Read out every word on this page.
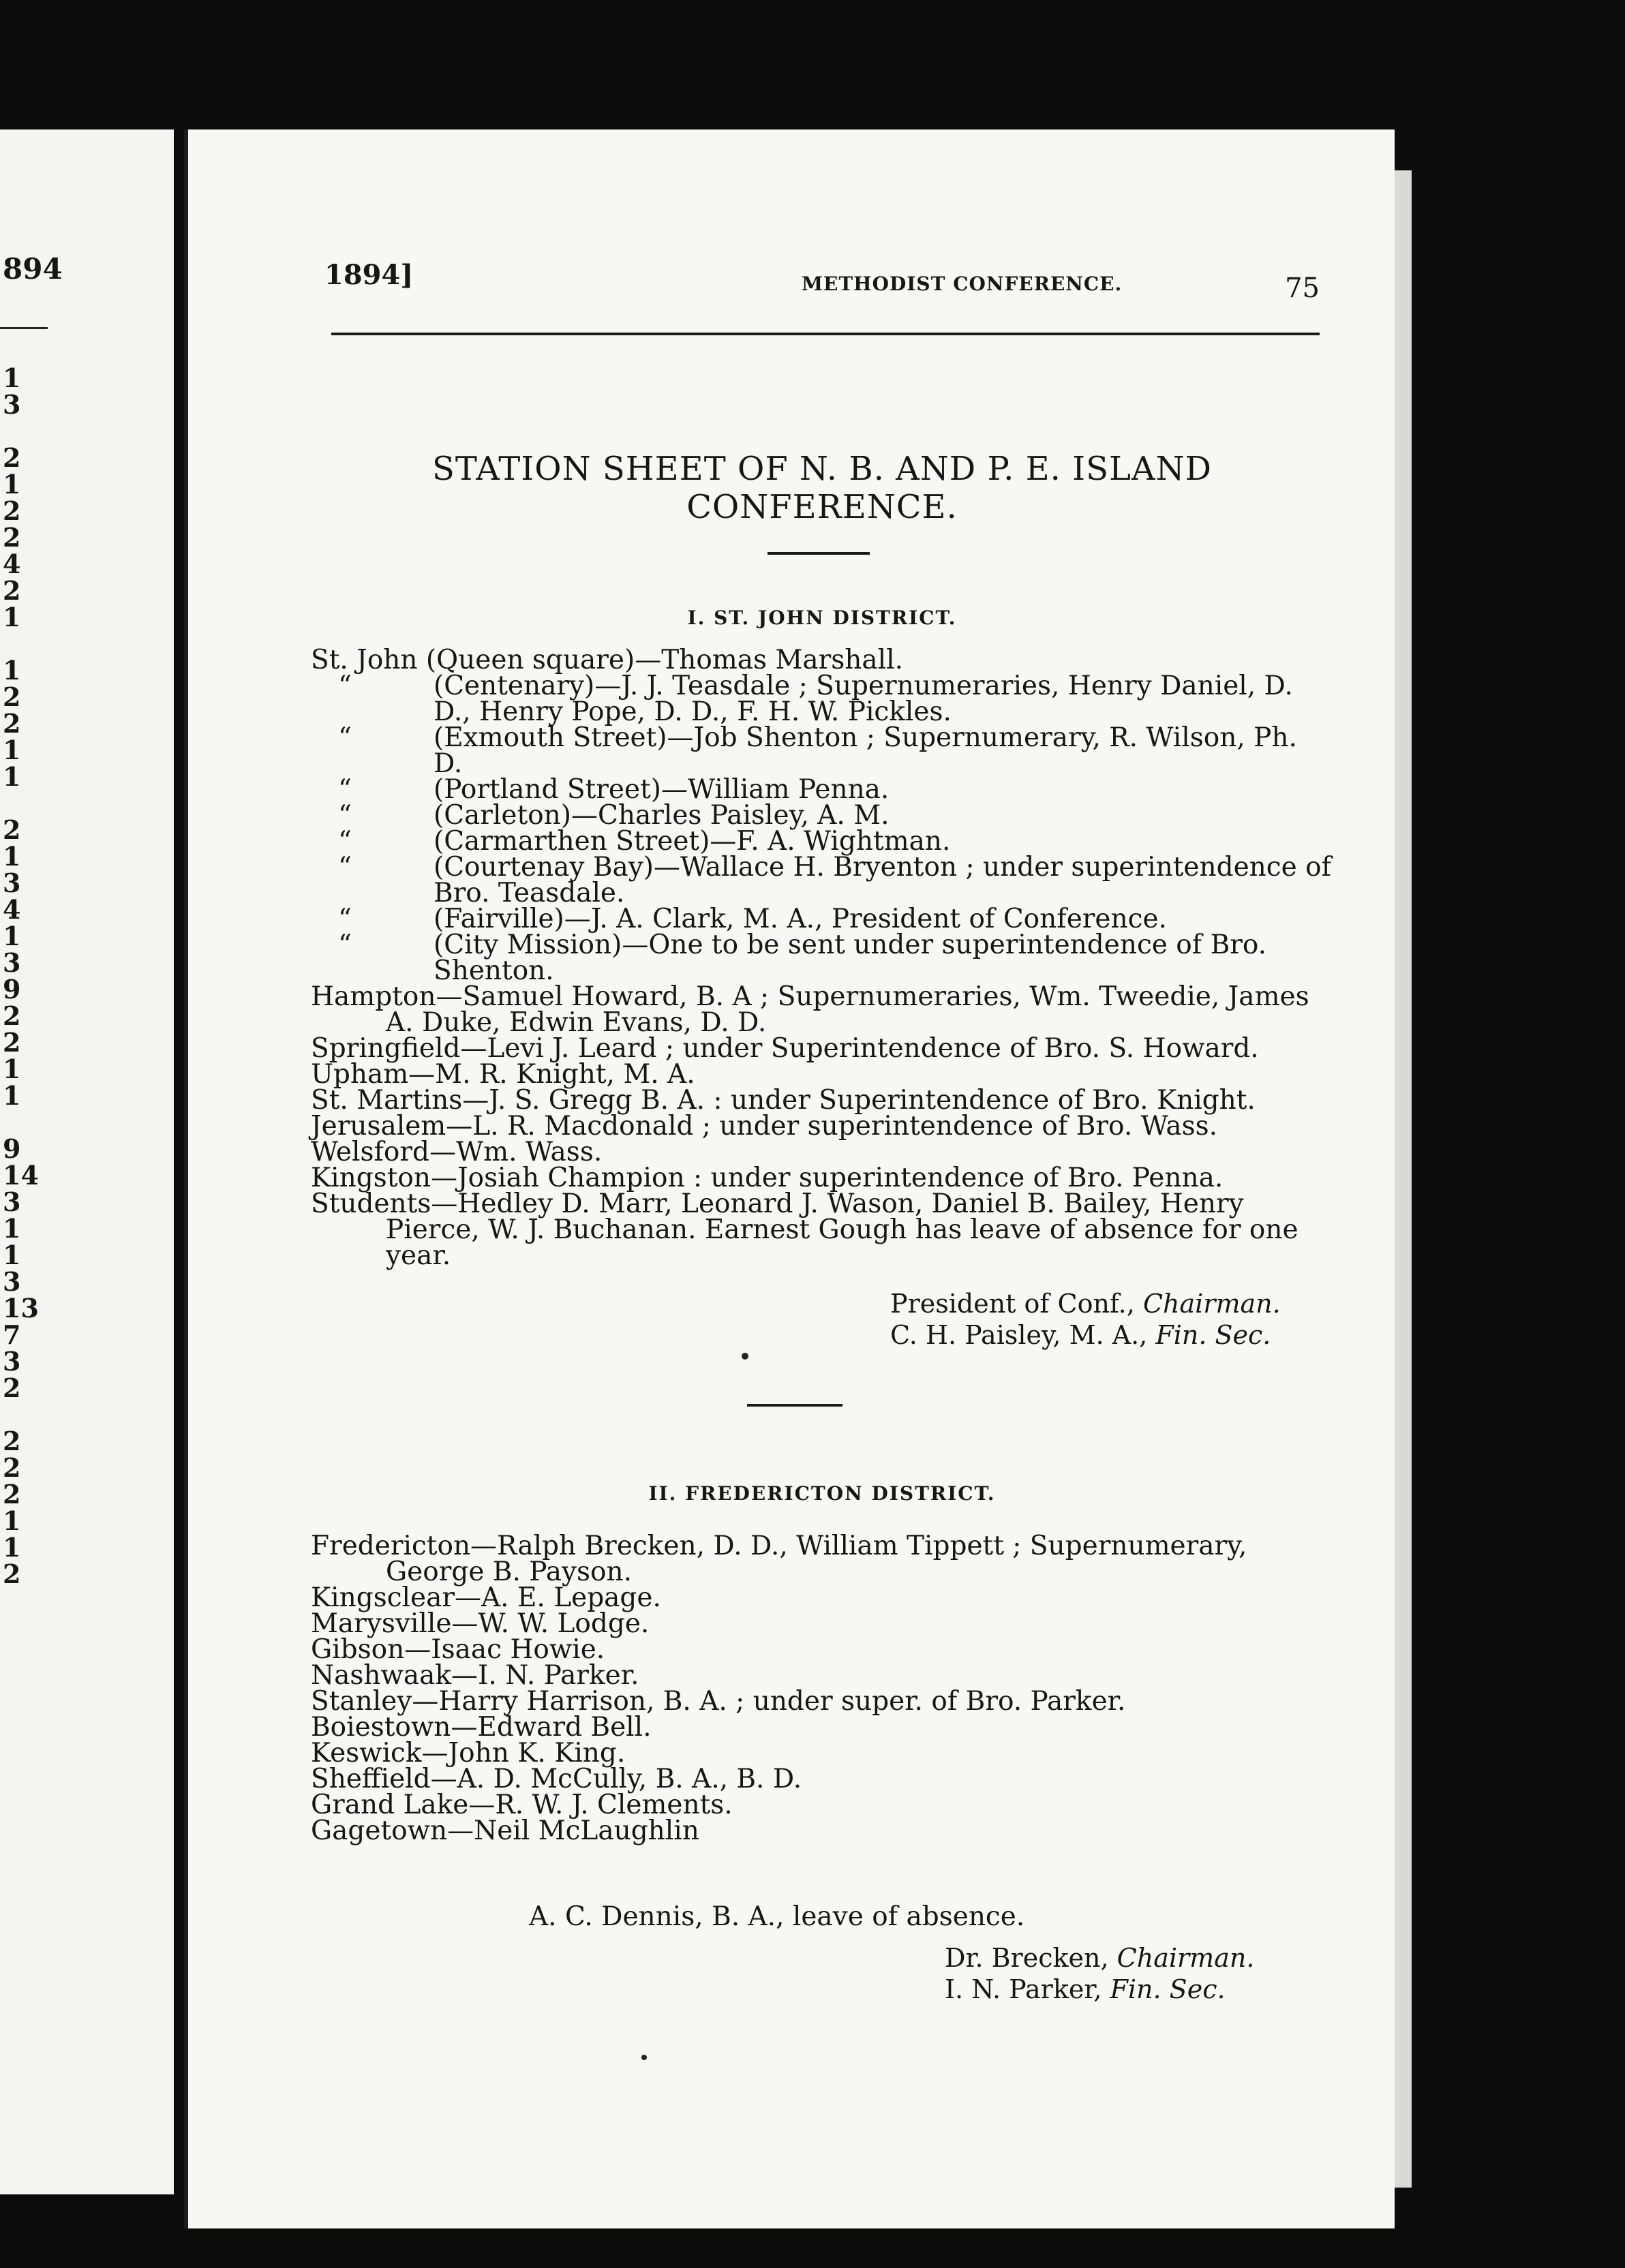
894
1
3

2
1
2
2
4
2
1

1
2
2
1
1

2
1
3
4
1
3
9
2
2
1
1

9
14
3
1
1
3
13
7
3
2

2
2
2
1
1
2
1894]	METHODIST CONFERENCE.	75
STATION SHEET OF N. B. AND P. E. ISLAND CONFERENCE.
I. ST. JOHN DISTRICT.
St. John (Queen square)—Thomas Marshall.
“	(Centenary)—J. J. Teasdale ; Supernumeraries, Henry Daniel, D. D., Henry Pope, D. D., F. H. W. Pickles.
“	(Exmouth Street)—Job Shenton ; Supernumerary, R. Wilson, Ph. D.
“	(Portland Street)—William Penna.
“	(Carleton)—Charles Paisley, A. M.
“	(Carmarthen Street)—F. A. Wightman.
“	(Courtenay Bay)—Wallace H. Bryenton ; under superintendence of Bro. Teasdale.
“	(Fairville)—J. A. Clark, M. A., President of Conference.
“	(City Mission)—One to be sent under superintendence of Bro. Shenton.
Hampton—Samuel Howard, B. A ; Supernumeraries, Wm. Tweedie, James A. Duke, Edwin Evans, D. D.
Springfield—Levi J. Leard ; under Superintendence of Bro. S. Howard.
Upham—M. R. Knight, M. A.
St. Martins—J. S. Gregg B. A. : under Superintendence of Bro. Knight.
Jerusalem—L. R. Macdonald ; under superintendence of Bro. Wass.
Welsford—Wm. Wass.
Kingston—Josiah Champion : under superintendence of Bro. Penna.
Students—Hedley D. Marr, Leonard J. Wason, Daniel B. Bailey, Henry Pierce, W. J. Buchanan. Earnest Gough has leave of absence for one year.
President of Conf., Chairman.
C. H. Paisley, M. A., Fin. Sec.
II. FREDERICTON DISTRICT.
Fredericton—Ralph Brecken, D. D., William Tippett ; Supernumerary, George B. Payson.
Kingsclear—A. E. Lepage.
Marysville—W. W. Lodge.
Gibson—Isaac Howie.
Nashwaak—I. N. Parker.
Stanley—Harry Harrison, B. A. ; under super. of Bro. Parker.
Boiestown—Edward Bell.
Keswick—John K. King.
Sheffield—A. D. McCully, B. A., B. D.
Grand Lake—R. W. J. Clements.
Gagetown—Neil McLaughlin
A. C. Dennis, B. A., leave of absence.
Dr. Brecken, Chairman.
I. N. Parker, Fin. Sec.
